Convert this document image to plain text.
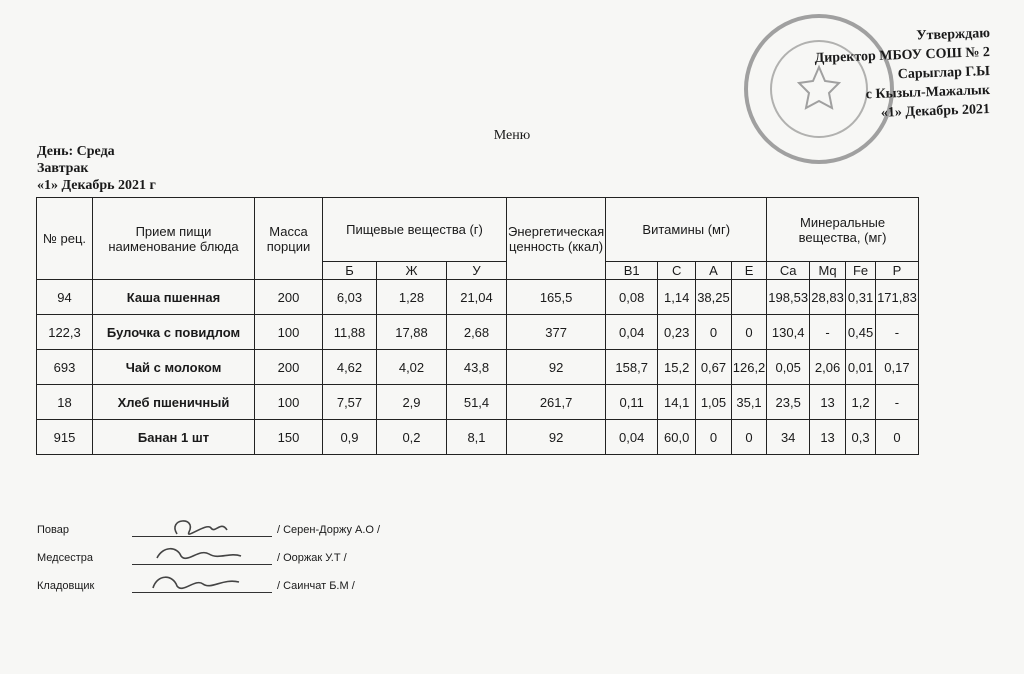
Утверждаю
Директор МБОУ СОШ № 2
Сарыглар Г.Ы
с Кызыл-Мажалык
«1» Декабрь 2021
Меню
День: Среда
Завтрак
«1» Декабрь 2021 г
№ рец.	Прием пищи наименование блюда	Масса порции	Пищевые вещества (г)			Энергетическая ценность (ккал)	Витамины (мг)				Минеральные вещества, (мг)			
			Б	Ж	У		В1	С	А	Е	Ca	Mq	Fe	P
94	Каша пшенная	200	6,03	1,28	21,04	165,5	0,08	1,14	38,25		198,53	28,83	0,31	171,83
122,3	Булочка с повидлом	100	11,88	17,88	2,68	377	0,04	0,23	0	0	130,4	-	0,45	-
693	Чай с молоком	200	4,62	4,02	43,8	92	158,7	15,2	0,67	126,2	0,05	2,06	0,01	0,17
18	Хлеб пшеничный	100	7,57	2,9	51,4	261,7	0,11	14,1	1,05	35,1	23,5	13	1,2	-
915	Банан 1 шт	150	0,9	0,2	8,1	92	0,04	60,0	0	0	34	13	0,3	0
Повар	/ Серен-Доржу А.О /
Медсестра	/ Ооржак У.Т /
Кладовщик	/ Саинчат Б.М /
